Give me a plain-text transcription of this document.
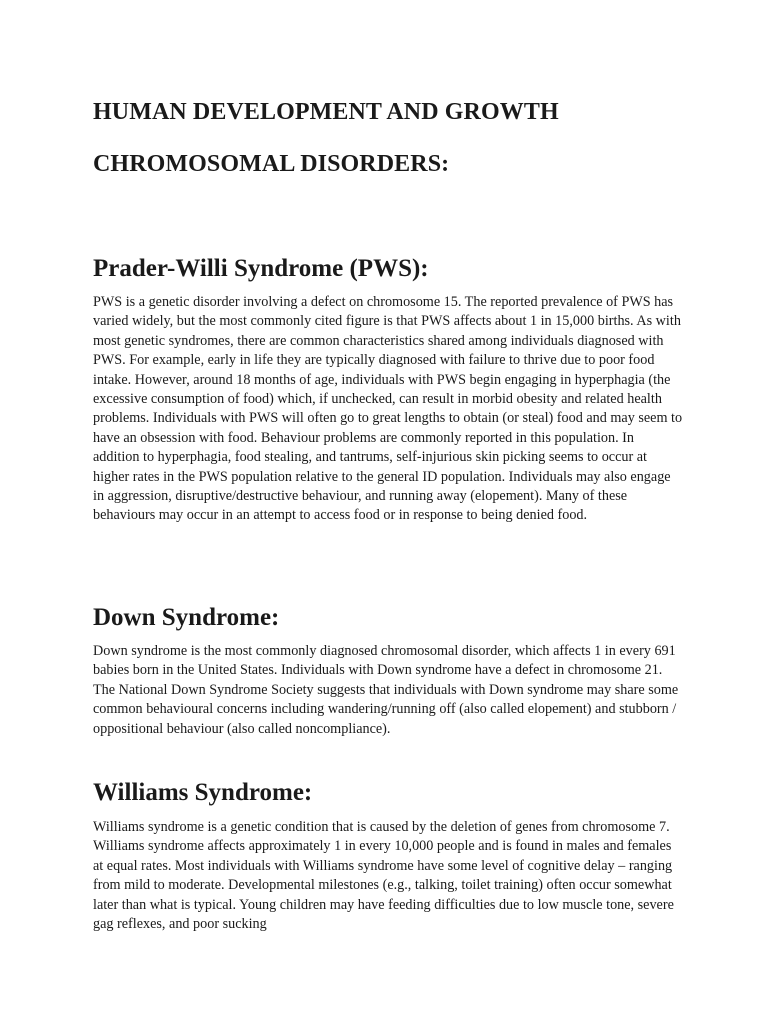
HUMAN DEVELOPMENT AND GROWTH
CHROMOSOMAL DISORDERS:
Prader-Willi Syndrome (PWS):

PWS is a genetic disorder involving a defect on chromosome 15. The reported prevalence of PWS has varied widely, but the most commonly cited figure is that PWS affects about 1 in 15,000 births. As with most genetic syndromes, there are common characteristics shared among individuals diagnosed with PWS. For example, early in life they are typically diagnosed with failure to thrive due to poor food intake. However, around 18 months of age, individuals with PWS begin engaging in hyperphagia (the excessive consumption of food) which, if unchecked, can result in morbid obesity and related health problems. Individuals with PWS will often go to great lengths to obtain (or steal) food and may seem to have an obsession with food. Behaviour problems are commonly reported in this population. In addition to hyperphagia, food stealing, and tantrums, self-injurious skin picking seems to occur at higher rates in the PWS population relative to the general ID population. Individuals may also engage in aggression, disruptive/destructive behaviour, and running away (elopement). Many of these behaviours may occur in an attempt to access food or in response to being denied food.

Down Syndrome:

Down syndrome is the most commonly diagnosed chromosomal disorder, which affects 1 in every 691 babies born in the United States. Individuals with Down syndrome have a defect in chromosome 21. The National Down Syndrome Society suggests that individuals with Down syndrome may share some common behavioural concerns including wandering/running off (also called elopement) and stubborn / oppositional behaviour (also called noncompliance).

Williams Syndrome:

Williams syndrome is a genetic condition that is caused by the deletion of genes from chromosome 7. Williams syndrome affects approximately 1 in every 10,000 people and is found in males and females at equal rates. Most individuals with Williams syndrome have some level of cognitive delay – ranging from mild to moderate. Developmental milestones (e.g., talking, toilet training) often occur somewhat later than what is typical. Young children may have feeding difficulties due to low muscle tone, severe gag reflexes, and poor sucking
